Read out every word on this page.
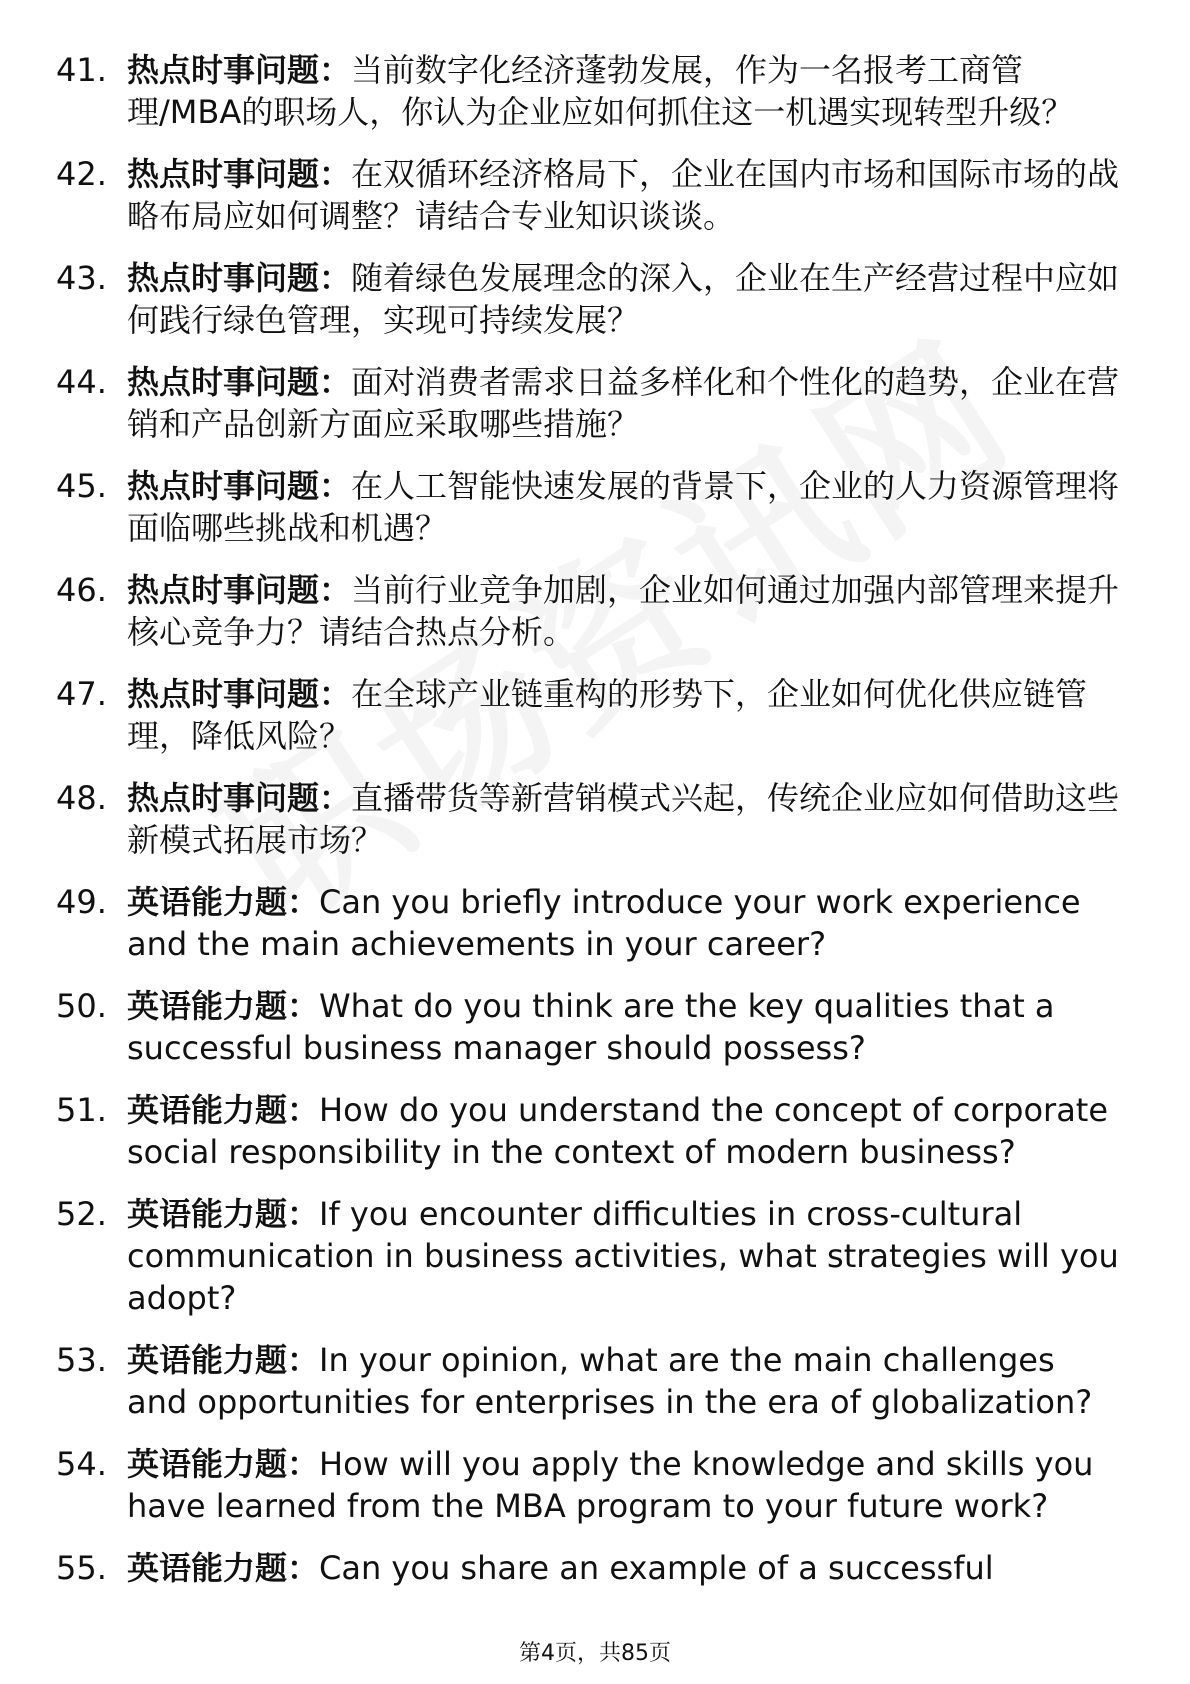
41. 热点时事问题：当前数字化经济蓬勃发展，作为一名报考工商管理/MBA的职场人，你认为企业应如何抓住这一机遇实现转型升级？
42. 热点时事问题：在双循环经济格局下，企业在国内市场和国际市场的战略布局应如何调整？请结合专业知识谈谈。
43. 热点时事问题：随着绿色发展理念的深入，企业在生产经营过程中应如何践行绿色管理，实现可持续发展？
44. 热点时事问题：面对消费者需求日益多样化和个性化的趋势，企业在营销和产品创新方面应采取哪些措施？
45. 热点时事问题：在人工智能快速发展的背景下，企业的人力资源管理将面临哪些挑战和机遇？
46. 热点时事问题：当前行业竞争加剧，企业如何通过加强内部管理来提升核心竞争力？请结合热点分析。
47. 热点时事问题：在全球产业链重构的形势下，企业如何优化供应链管理，降低风险？
48. 热点时事问题：直播带货等新营销模式兴起，传统企业应如何借助这些新模式拓展市场？
49. 英语能力题：Can you briefly introduce your work experience and the main achievements in your career?
50. 英语能力题：What do you think are the key qualities that a successful business manager should possess?
51. 英语能力题：How do you understand the concept of corporate social responsibility in the context of modern business?
52. 英语能力题：If you encounter difficulties in cross-cultural communication in business activities, what strategies will you adopt?
53. 英语能力题：In your opinion, what are the main challenges and opportunities for enterprises in the era of globalization?
54. 英语能力题：How will you apply the knowledge and skills you have learned from the MBA program to your future work?
55. 英语能力题：Can you share an example of a successful
第4页，共85页
